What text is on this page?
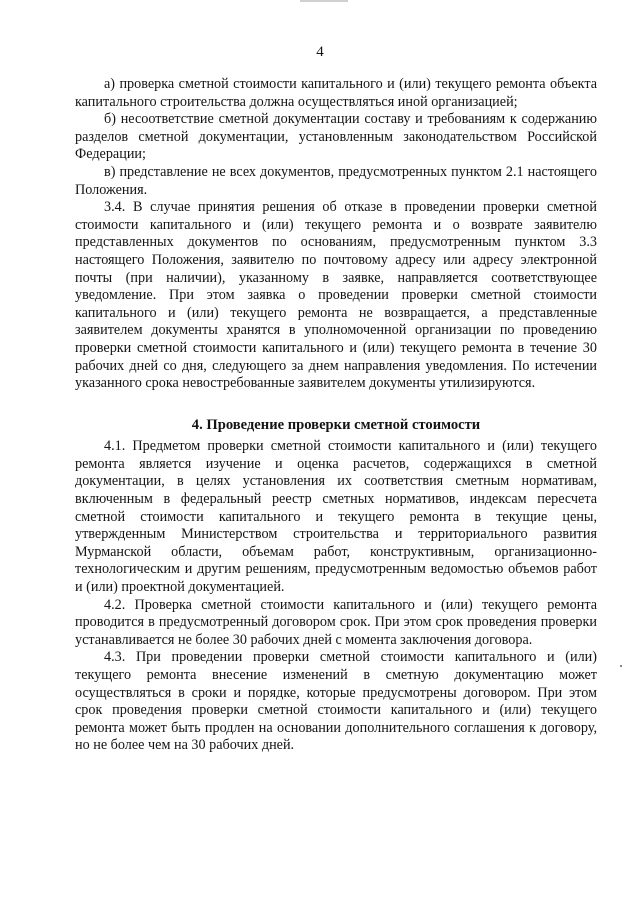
4

а) проверка сметной стоимости капитального и (или) текущего ремонта объекта капитального строительства должна осуществляться иной организацией;

б) несоответствие сметной документации составу и требованиям к содержанию разделов сметной документации, установленным законодательством Российской Федерации;

в) представление не всех документов, предусмотренных пунктом 2.1 настоящего Положения.

3.4. В случае принятия решения об отказе в проведении проверки сметной стоимости капитального и (или) текущего ремонта и о возврате заявителю представленных документов по основаниям, предусмотренным пунктом 3.3 настоящего Положения, заявителю по почтовому адресу или адресу электронной почты (при наличии), указанному в заявке, направляется соответствующее уведомление. При этом заявка о проведении проверки сметной стоимости капитального и (или) текущего ремонта не возвращается, а представленные заявителем документы хранятся в уполномоченной организации по проведению проверки сметной стоимости капитального и (или) текущего ремонта в течение 30 рабочих дней со дня, следующего за днем направления уведомления. По истечении указанного срока невостребованные заявителем документы утилизируются.

4. Проведение проверки сметной стоимости

4.1. Предметом проверки сметной стоимости капитального и (или) текущего ремонта является изучение и оценка расчетов, содержащихся в сметной документации, в целях установления их соответствия сметным нормативам, включенным в федеральный реестр сметных нормативов, индексам пересчета сметной стоимости капитального и текущего ремонта в текущие цены, утвержденным Министерством строительства и территориального развития Мурманской области, объемам работ, конструктивным, организационно-технологическим и другим решениям, предусмотренным ведомостью объемов работ и (или) проектной документацией.

4.2. Проверка сметной стоимости капитального и (или) текущего ремонта проводится в предусмотренный договором срок. При этом срок проведения проверки устанавливается не более 30 рабочих дней с момента заключения договора.

4.3. При проведении проверки сметной стоимости капитального и (или) текущего ремонта внесение изменений в сметную документацию может осуществляться в сроки и порядке, которые предусмотрены договором. При этом срок проведения проверки сметной стоимости капитального и (или) текущего ремонта может быть продлен на основании дополнительного соглашения к договору, но не более чем на 30 рабочих дней.
